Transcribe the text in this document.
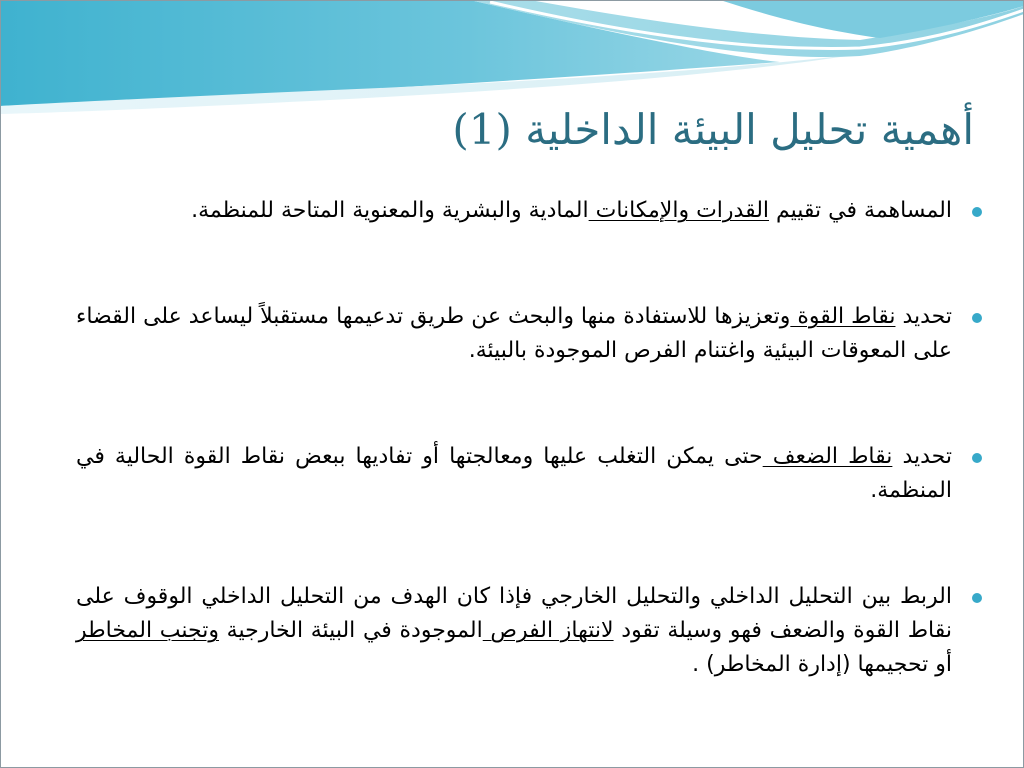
أهمية تحليل البيئة الداخلية (1)
المساهمة في تقييم القدرات والإمكانات المادية والبشرية والمعنوية المتاحة للمنظمة.
تحديد نقاط القوة وتعزيزها للاستفادة منها والبحث عن طريق تدعيمها مستقبلاً ليساعد على القضاء على المعوقات البيئية واغتنام الفرص الموجودة بالبيئة.
تحديد نقاط الضعف حتى يمكن التغلب عليها ومعالجتها أو تفاديها ببعض نقاط القوة الحالية في المنظمة.
الربط بين التحليل الداخلي والتحليل الخارجي فإذا كان الهدف من التحليل الداخلي الوقوف على نقاط القوة والضعف فهو وسيلة تقود لانتهاز الفرص الموجودة في البيئة الخارجية وتجنب المخاطر أو تحجيمها (إدارة المخاطر) .
